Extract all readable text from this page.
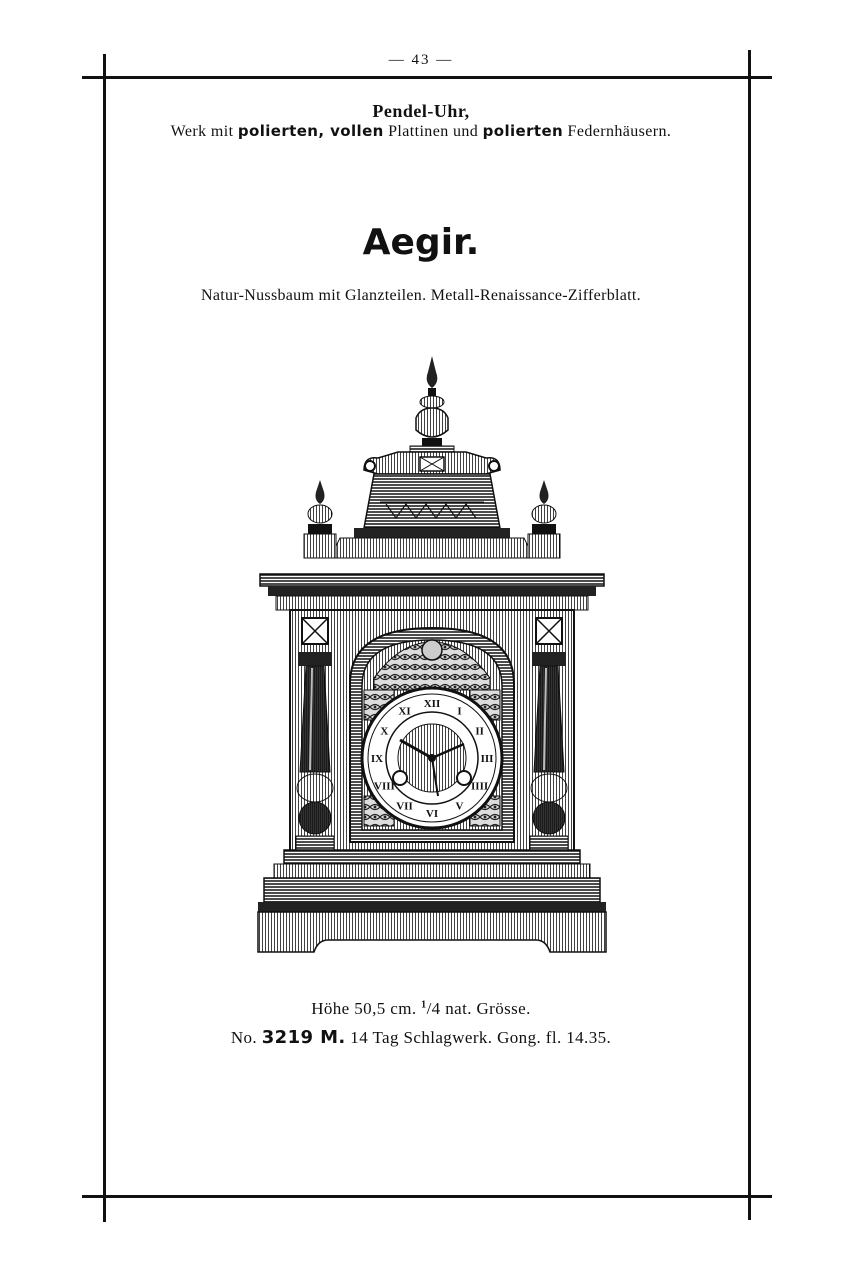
— 43 —
Pendel-Uhr,
Werk mit polierten, vollen Plattinen und polierten Federnhäusern.
Aegir.
Natur-Nussbaum mit Glanzteilen. Metall-Renaissance-Zifferblatt.
XII
I
II
III
IIII
V
VI
VII
VIII
IX
X
XI
Höhe 50,5 cm. $^1$/4 nat. Grösse.
No. 3219 M. 14 Tag Schlagwerk. Gong. fl. 14.35.
